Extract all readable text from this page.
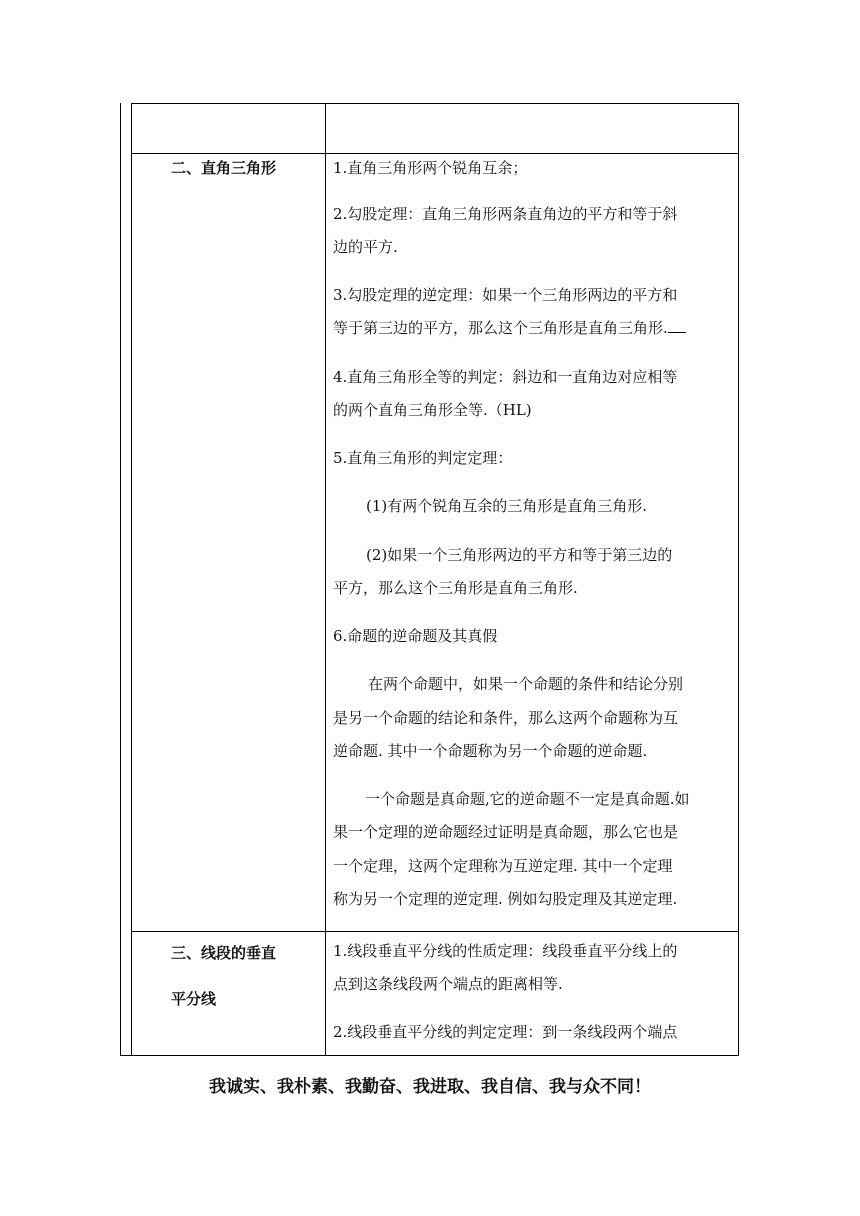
二、直角三角形	1.直角三角形两个锐角互余；
2.勾股定理：直角三角形两条直角边的平方和等于斜
边的平方.
3.勾股定理的逆定理：如果一个三角形两边的平方和
等于第三边的平方，那么这个三角形是直角三角形.
4.直角三角形全等的判定：斜边和一直角边对应相等
的两个直角三角形全等.（HL)
5.直角三角形的判定定理：
(1)有两个锐角互余的三角形是直角三角形.
(2)如果一个三角形两边的平方和等于第三边的
平方，那么这个三角形是直角三角形.
6.命题的逆命题及其真假
在两个命题中，如果一个命题的条件和结论分别
是另一个命题的结论和条件，那么这两个命题称为互
逆命题. 其中一个命题称为另一个命题的逆命题.
一个命题是真命题,它的逆命题不一定是真命题.如
果一个定理的逆命题经过证明是真命题，那么它也是
一个定理，这两个定理称为互逆定理. 其中一个定理
称为另一个定理的逆定理. 例如勾股定理及其逆定理.
三、线段的垂直
平分线
1.线段垂直平分线的性质定理：线段垂直平分线上的
点到这条线段两个端点的距离相等.
2.线段垂直平分线的判定定理：到一条线段两个端点
我诚实、我朴素、我勤奋、我进取、我自信、我与众不同！
